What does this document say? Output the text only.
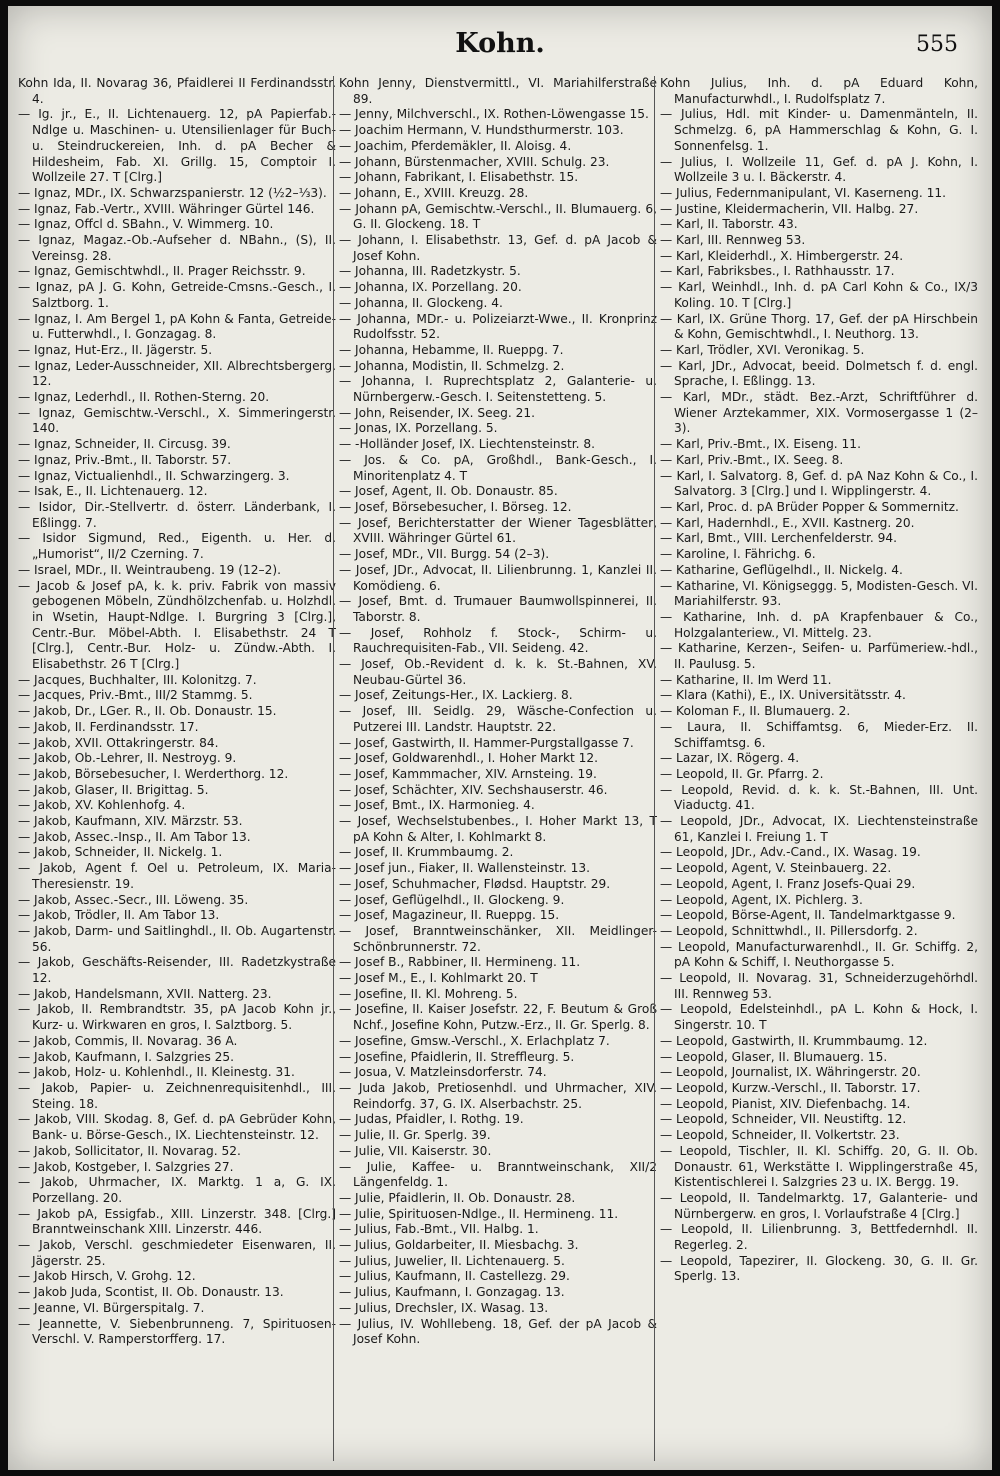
Kohn.	555

Kohn Ida, II. Novarag 36, Pfaidlerei II Ferdinandsstr. 4.

— Ig. jr., E., II. Lichtenauerg. 12, pA Papierfab.-Ndlge u. Maschinen- u. Utensilienlager für Buch- u. Steindruckereien, Inh. d. pA Becher & Hildesheim, Fab. XI. Grillg. 15, Comptoir I. Wollzeile 27. T [Clrg.]

— Ignaz, MDr., IX. Schwarzspanierstr. 12 (½2–⅓3).

— Ignaz, Fab.-Vertr., XVIII. Währinger Gürtel 146.

— Ignaz, Offcl d. SBahn., V. Wimmerg. 10.

— Ignaz, Magaz.-Ob.-Aufseher d. NBahn., (S), II. Vereinsg. 28.

— Ignaz, Gemischtwhdl., II. Prager Reichsstr. 9.

— Ignaz, pA J. G. Kohn, Getreide-Cmsns.-Gesch., I. Salztborg. 1.

— Ignaz, I. Am Bergel 1, pA Kohn & Fanta, Getreide- u. Futterwhdl., I. Gonzagag. 8.

— Ignaz, Hut-Erz., II. Jägerstr. 5.

— Ignaz, Leder-Ausschneider, XII. Albrechtsbergerg. 12.

— Ignaz, Lederhdl., II. Rothen-Sterng. 20.

— Ignaz, Gemischtw.-Verschl., X. Simmeringerstr. 140.

— Ignaz, Schneider, II. Circusg. 39.

— Ignaz, Priv.-Bmt., II. Taborstr. 57.

— Ignaz, Victualienhdl., II. Schwarzingerg. 3.

— Isak, E., II. Lichtenauerg. 12.

— Isidor, Dir.-Stellvertr. d. österr. Länderbank, I. Eßlingg. 7.

— Isidor Sigmund, Red., Eigenth. u. Her. d. „Humorist“, II/2 Czerning. 7.

— Israel, MDr., II. Weintraubeng. 19 (12–2).

— Jacob & Josef pA, k. k. priv. Fabrik von massiv gebogenen Möbeln, Zündhölzchenfab. u. Holzhdl. in Wsetin, Haupt-Ndlge. I. Burgring 3 [Clrg.], Centr.-Bur. Möbel-Abth. I. Elisabethstr. 24 T [Clrg.], Centr.-Bur. Holz- u. Zündw.-Abth. I. Elisabethstr. 26 T [Clrg.]

— Jacques, Buchhalter, III. Kolonitzg. 7.

— Jacques, Priv.-Bmt., III/2 Stammg. 5.

— Jakob, Dr., LGer. R., II. Ob. Donaustr. 15.

— Jakob, II. Ferdinandsstr. 17.

— Jakob, XVII. Ottakringerstr. 84.

— Jakob, Ob.-Lehrer, II. Nestroyg. 9.

— Jakob, Börsebesucher, I. Werderthorg. 12.

— Jakob, Glaser, II. Brigittag. 5.

— Jakob, XV. Kohlenhofg. 4.

— Jakob, Kaufmann, XIV. Märzstr. 53.

— Jakob, Assec.-Insp., II. Am Tabor 13.

— Jakob, Schneider, II. Nickelg. 1.

— Jakob, Agent f. Oel u. Petroleum, IX. Maria-Theresienstr. 19.

— Jakob, Assec.-Secr., III. Löweng. 35.

— Jakob, Trödler, II. Am Tabor 13.

— Jakob, Darm- und Saitlinghdl., II. Ob. Augartenstr. 56.

— Jakob, Geschäfts-Reisender, III. Radetzkystraße 12.

— Jakob, Handelsmann, XVII. Natterg. 23.

— Jakob, II. Rembrandtstr. 35, pA Jacob Kohn jr., Kurz- u. Wirkwaren en gros, I. Salztborg. 5.

— Jakob, Commis, II. Novarag. 36 A.

— Jakob, Kaufmann, I. Salzgries 25.

— Jakob, Holz- u. Kohlenhdl., II. Kleinestg. 31.

— Jakob, Papier- u. Zeichnenrequisitenhdl., III. Steing. 18.

— Jakob, VIII. Skodag. 8, Gef. d. pA Gebrüder Kohn, Bank- u. Börse-Gesch., IX. Liechtensteinstr. 12.

— Jakob, Sollicitator, II. Novarag. 52.

— Jakob, Kostgeber, I. Salzgries 27.

— Jakob, Uhrmacher, IX. Marktg. 1 a, G. IX. Porzellang. 20.

— Jakob pA, Essigfab., XIII. Linzerstr. 348. [Clrg.] Branntweinschank XIII. Linzerstr. 446.

— Jakob, Verschl. geschmiedeter Eisenwaren, II. Jägerstr. 25.

— Jakob Hirsch, V. Grohg. 12.

— Jakob Juda, Scontist, II. Ob. Donaustr. 13.

— Jeanne, VI. Bürgerspitalg. 7.

— Jeannette, V. Siebenbrunneng. 7, Spirituosen-Verschl. V. Ramperstorfferg. 17.

Kohn Jenny, Dienstvermittl., VI. Mariahilferstraße 89.

— Jenny, Milchverschl., IX. Rothen-Löwengasse 15.

— Joachim Hermann, V. Hundsthurmerstr. 103.

— Joachim, Pferdemäkler, II. Aloisg. 4.

— Johann, Bürstenmacher, XVIII. Schulg. 23.

— Johann, Fabrikant, I. Elisabethstr. 15.

— Johann, E., XVIII. Kreuzg. 28.

— Johann pA, Gemischtw.-Verschl., II. Blumauerg. 6, G. II. Glockeng. 18. T

— Johann, I. Elisabethstr. 13, Gef. d. pA Jacob & Josef Kohn.

— Johanna, III. Radetzkystr. 5.

— Johanna, IX. Porzellang. 20.

— Johanna, II. Glockeng. 4.

— Johanna, MDr.- u. Polizeiarzt-Wwe., II. Kronprinz Rudolfsstr. 52.

— Johanna, Hebamme, II. Rueppg. 7.

— Johanna, Modistin, II. Schmelzg. 2.

— Johanna, I. Ruprechtsplatz 2, Galanterie- u. Nürnbergerw.-Gesch. I. Seitenstetteng. 5.

— John, Reisender, IX. Seeg. 21.

— Jonas, IX. Porzellang. 5.

— -Holländer Josef, IX. Liechtensteinstr. 8.

— Jos. & Co. pA, Großhdl., Bank-Gesch., I. Minoritenplatz 4. T

— Josef, Agent, II. Ob. Donaustr. 85.

— Josef, Börsebesucher, I. Börseg. 12.

— Josef, Berichterstatter der Wiener Tagesblätter, XVIII. Währinger Gürtel 61.

— Josef, MDr., VII. Burgg. 54 (2–3).

— Josef, JDr., Advocat, II. Lilienbrunng. 1, Kanzlei II. Komödieng. 6.

— Josef, Bmt. d. Trumauer Baumwollspinnerei, II. Taborstr. 8.

— Josef, Rohholz f. Stock-, Schirm- u. Rauchrequisiten-Fab., VII. Seideng. 42.

— Josef, Ob.-Revident d. k. k. St.-Bahnen, XV. Neubau-Gürtel 36.

— Josef, Zeitungs-Her., IX. Lackierg. 8.

— Josef, III. Seidlg. 29, Wäsche-Confection u. Putzerei III. Landstr. Hauptstr. 22.

— Josef, Gastwirth, II. Hammer-Purgstallgasse 7.

— Josef, Goldwarenhdl., I. Hoher Markt 12.

— Josef, Kammmacher, XIV. Arnsteing. 19.

— Josef, Schächter, XIV. Sechshauserstr. 46.

— Josef, Bmt., IX. Harmonieg. 4.

— Josef, Wechselstubenbes., I. Hoher Markt 13, T pA Kohn & Alter, I. Kohlmarkt 8.

— Josef, II. Krummbaumg. 2.

— Josef jun., Fiaker, II. Wallensteinstr. 13.

— Josef, Schuhmacher, Flødsd. Hauptstr. 29.

— Josef, Geflügelhdl., II. Glockeng. 9.

— Josef, Magazineur, II. Rueppg. 15.

— Josef, Branntweinschänker, XII. Meidlinger-Schönbrunnerstr. 72.

— Josef B., Rabbiner, II. Hermineng. 11.

— Josef M., E., I. Kohlmarkt 20. T

— Josefine, II. Kl. Mohreng. 5.

— Josefine, II. Kaiser Josefstr. 22, F. Beutum & Groß Nchf., Josefine Kohn, Putzw.-Erz., II. Gr. Sperlg. 8.

— Josefine, Gmsw.-Verschl., X. Erlachplatz 7.

— Josefine, Pfaidlerin, II. Streffleurg. 5.

— Josua, V. Matzleinsdorferstr. 74.

— Juda Jakob, Pretiosenhdl. und Uhrmacher, XIV. Reindorfg. 37, G. IX. Alserbachstr. 25.

— Judas, Pfaidler, I. Rothg. 19.

— Julie, II. Gr. Sperlg. 39.

— Julie, VII. Kaiserstr. 30.

— Julie, Kaffee- u. Branntweinschank, XII/2 Längenfeldg. 1.

— Julie, Pfaidlerin, II. Ob. Donaustr. 28.

— Julie, Spirituosen-Ndlge., II. Hermineng. 11.

— Julius, Fab.-Bmt., VII. Halbg. 1.

— Julius, Goldarbeiter, II. Miesbachg. 3.

— Julius, Juwelier, II. Lichtenauerg. 5.

— Julius, Kaufmann, II. Castellezg. 29.

— Julius, Kaufmann, I. Gonzagag. 13.

— Julius, Drechsler, IX. Wasag. 13.

— Julius, IV. Wohllebeng. 18, Gef. der pA Jacob & Josef Kohn.

Kohn Julius, Inh. d. pA Eduard Kohn, Manufacturwhdl., I. Rudolfsplatz 7.

— Julius, Hdl. mit Kinder- u. Damenmänteln, II. Schmelzg. 6, pA Hammerschlag & Kohn, G. I. Sonnenfelsg. 1.

— Julius, I. Wollzeile 11, Gef. d. pA J. Kohn, I. Wollzeile 3 u. I. Bäckerstr. 4.

— Julius, Federnmanipulant, VI. Kaserneng. 11.

— Justine, Kleidermacherin, VII. Halbg. 27.

— Karl, II. Taborstr. 43.

— Karl, III. Rennweg 53.

— Karl, Kleiderhdl., X. Himbergerstr. 24.

— Karl, Fabriksbes., I. Rathhausstr. 17.

— Karl, Weinhdl., Inh. d. pA Carl Kohn & Co., IX/3 Koling. 10. T [Clrg.]

— Karl, IX. Grüne Thorg. 17, Gef. der pA Hirschbein & Kohn, Gemischtwhdl., I. Neuthorg. 13.

— Karl, Trödler, XVI. Veronikag. 5.

— Karl, JDr., Advocat, beeid. Dolmetsch f. d. engl. Sprache, I. Eßlingg. 13.

— Karl, MDr., städt. Bez.-Arzt, Schriftführer d. Wiener Arztekammer, XIX. Vormosergasse 1 (2–3).

— Karl, Priv.-Bmt., IX. Eiseng. 11.

— Karl, Priv.-Bmt., IX. Seeg. 8.

— Karl, I. Salvatorg. 8, Gef. d. pA Naz Kohn & Co., I. Salvatorg. 3 [Clrg.] und I. Wipplingerstr. 4.

— Karl, Proc. d. pA Brüder Popper & Sommernitz.

— Karl, Hadernhdl., E., XVII. Kastnerg. 20.

— Karl, Bmt., VIII. Lerchenfelderstr. 94.

— Karoline, I. Fährichg. 6.

— Katharine, Geflügelhdl., II. Nickelg. 4.

— Katharine, VI. Königseggg. 5, Modisten-Gesch. VI. Mariahilferstr. 93.

— Katharine, Inh. d. pA Krapfenbauer & Co., Holzgalanteriew., VI. Mittelg. 23.

— Katharine, Kerzen-, Seifen- u. Parfümeriew.-hdl., II. Paulusg. 5.

— Katharine, II. Im Werd 11.

— Klara (Kathi), E., IX. Universitätsstr. 4.

— Koloman F., II. Blumauerg. 2.

— Laura, II. Schiffamtsg. 6, Mieder-Erz. II. Schiffamtsg. 6.

— Lazar, IX. Rögerg. 4.

— Leopold, II. Gr. Pfarrg. 2.

— Leopold, Revid. d. k. k. St.-Bahnen, III. Unt. Viaductg. 41.

— Leopold, JDr., Advocat, IX. Liechtensteinstraße 61, Kanzlei I. Freiung 1. T

— Leopold, JDr., Adv.-Cand., IX. Wasag. 19.

— Leopold, Agent, V. Steinbauerg. 22.

— Leopold, Agent, I. Franz Josefs-Quai 29.

— Leopold, Agent, IX. Pichlerg. 3.

— Leopold, Börse-Agent, II. Tandelmarktgasse 9.

— Leopold, Schnittwhdl., II. Pillersdorfg. 2.

— Leopold, Manufacturwarenhdl., II. Gr. Schiffg. 2, pA Kohn & Schiff, I. Neuthorgasse 5.

— Leopold, II. Novarag. 31, Schneiderzugehörhdl. III. Rennweg 53.

— Leopold, Edelsteinhdl., pA L. Kohn & Hock, I. Singerstr. 10. T

— Leopold, Gastwirth, II. Krummbaumg. 12.

— Leopold, Glaser, II. Blumauerg. 15.

— Leopold, Journalist, IX. Währingerstr. 20.

— Leopold, Kurzw.-Verschl., II. Taborstr. 17.

— Leopold, Pianist, XIV. Diefenbachg. 14.

— Leopold, Schneider, VII. Neustiftg. 12.

— Leopold, Schneider, II. Volkertstr. 23.

— Leopold, Tischler, II. Kl. Schiffg. 20, G. II. Ob. Donaustr. 61, Werkstätte I. Wipplingerstraße 45, Kistentischlerei I. Salzgries 23 u. IX. Bergg. 19.

— Leopold, II. Tandelmarktg. 17, Galanterie- und Nürnbergerw. en gros, I. Vorlaufstraße 4 [Clrg.]

— Leopold, II. Lilienbrunng. 3, Bettfedernhdl. II. Regerleg. 2.

— Leopold, Tapezirer, II. Glockeng. 30, G. II. Gr. Sperlg. 13.
